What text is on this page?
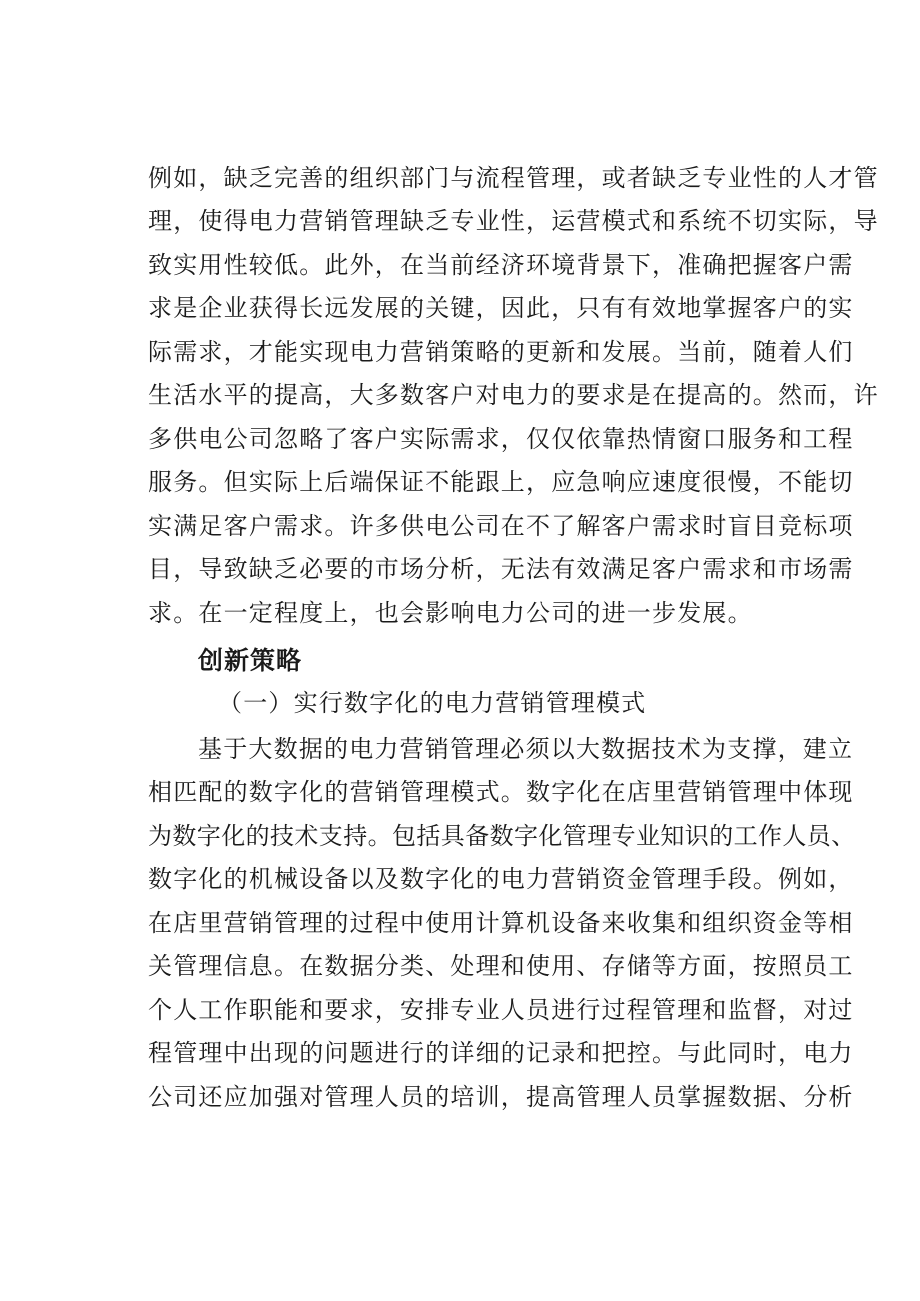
例如，缺乏完善的组织部门与流程管理，或者缺乏专业性的人才管

理，使得电力营销管理缺乏专业性，运营模式和系统不切实际，导

致实用性较低。此外，在当前经济环境背景下，准确把握客户需

求是企业获得长远发展的关键，因此，只有有效地掌握客户的实

际需求，才能实现电力营销策略的更新和发展。当前，随着人们

生活水平的提高，大多数客户对电力的要求是在提高的。然而，许

多供电公司忽略了客户实际需求，仅仅依靠热情窗口服务和工程

服务。但实际上后端保证不能跟上，应急响应速度很慢，不能切

实满足客户需求。许多供电公司在不了解客户需求时盲目竞标项

目，导致缺乏必要的市场分析，无法有效满足客户需求和市场需

求。在一定程度上，也会影响电力公司的进一步发展。

创新策略

（一）实行数字化的电力营销管理模式

基于大数据的电力营销管理必须以大数据技术为支撑，建立

相匹配的数字化的营销管理模式。数字化在店里营销管理中体现

为数字化的技术支持。包括具备数字化管理专业知识的工作人员、

数字化的机械设备以及数字化的电力营销资金管理手段。例如，

在店里营销管理的过程中使用计算机设备来收集和组织资金等相

关管理信息。在数据分类、处理和使用、存储等方面，按照员工

个人工作职能和要求，安排专业人员进行过程管理和监督，对过

程管理中出现的问题进行的详细的记录和把控。与此同时，电力

公司还应加强对管理人员的培训，提高管理人员掌握数据、分析
